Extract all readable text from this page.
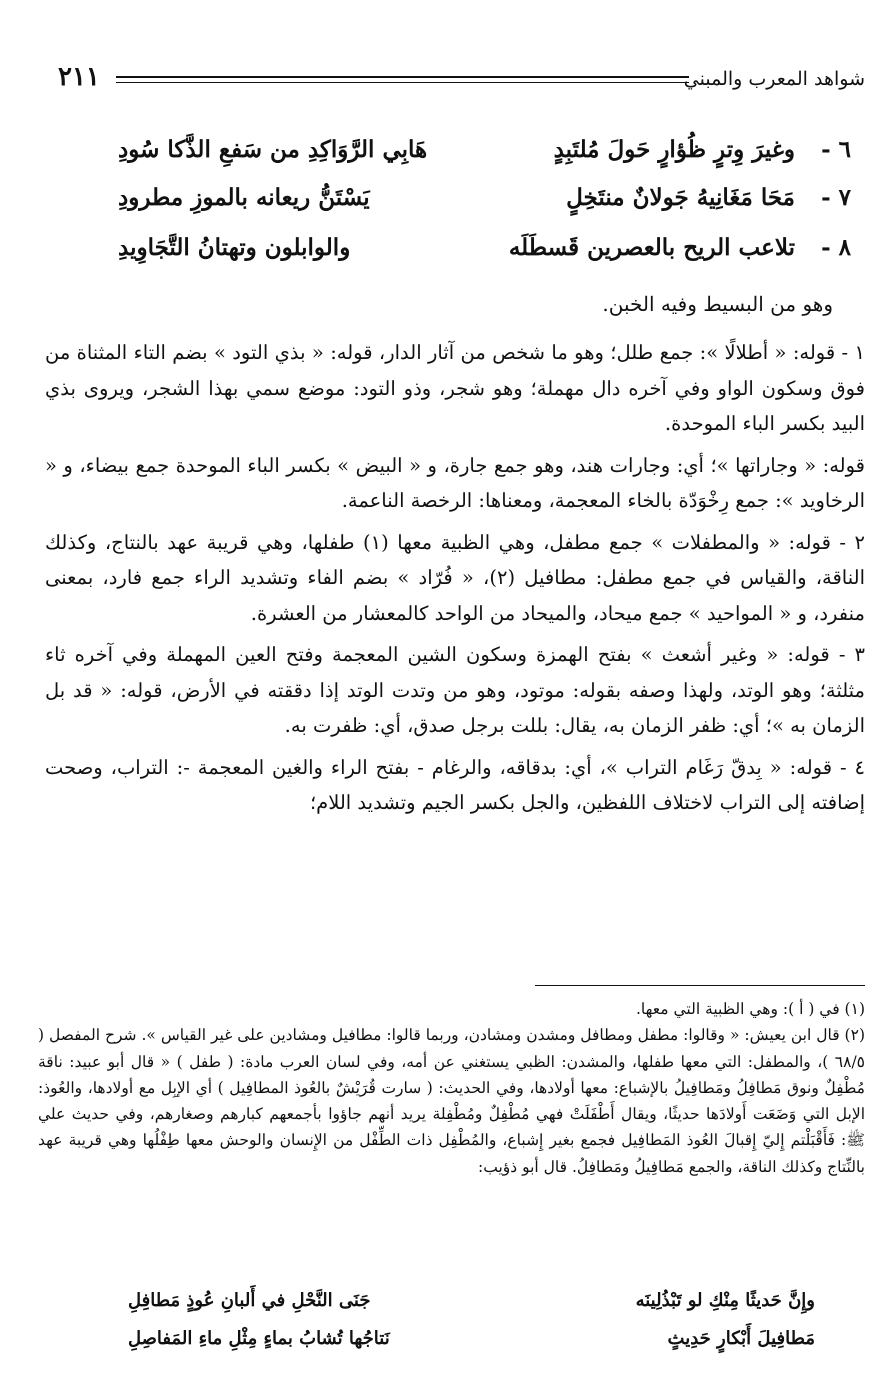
شواهد المعرب والمبني
٢١١
٦ -
وغيرَ وِترٍ ظُؤارٍ حَولَ مُلتَبِدٍ
هَابِي الرَّوَاكِدِ من سَفعِ الذَّكا سُودِ
٧ -
مَحَا مَغَانِيهُ جَولانٌ منتَخِلٍ
يَسْتَنُّ ريعانه بالموزِ مطرودِ
٨ -
تلاعب الريح بالعصرين قَسطَلَه
والوابلون وتهتانُ التَّجَاوِيدِ
وهو من البسيط وفيه الخبن.

١ - قوله: « أطلالًا »: جمع طلل؛ وهو ما شخص من آثار الدار، قوله: « بذي التود » بضم التاء المثناة من فوق وسكون الواو وفي آخره دال مهملة؛ وهو شجر، وذو التود: موضع سمي بهذا الشجر، ويروى بذي البيد بكسر الباء الموحدة.

قوله: « وجاراتها »؛ أي: وجارات هند، وهو جمع جارة، و « البيض » بكسر الباء الموحدة جمع بيضاء، و « الرخاويد »: جمع رِخْوَدّة بالخاء المعجمة، ومعناها: الرخصة الناعمة.

٢ - قوله: « والمطفلات » جمع مطفل، وهي الظبية معها (١) طفلها، وهي قريبة عهد بالنتاج، وكذلك الناقة، والقياس في جمع مطفل: مطافيل (٢)، « فُرّاد » بضم الفاء وتشديد الراء جمع فارد، بمعنى منفرد، و « المواحيد » جمع ميحاد، والميحاد من الواحد كالمعشار من العشرة.

٣ - قوله: « وغير أشعث » بفتح الهمزة وسكون الشين المعجمة وفتح العين المهملة وفي آخره ثاء مثلثة؛ وهو الوتد، ولهذا وصفه بقوله: موتود، وهو من وتدت الوتد إذا دققته في الأرض، قوله: « قد بل الزمان به »؛ أي: ظفر الزمان به، يقال: بللت برجل صدق، أي: ظفرت به.

٤ - قوله: « بِدقّ رَغَام التراب »، أي: بدقاقه، والرغام - بفتح الراء والغين المعجمة -: التراب، وصحت إضافته إلى التراب لاختلاف اللفظين، والجل بكسر الجيم وتشديد اللام؛

(١) في ( أ ): وهي الظبية التي معها.

(٢) قال ابن يعيش: « وقالوا: مطفل ومطافل ومشدن ومشادن، وربما قالوا: مطافيل ومشادين على غير القياس ». شرح المفصل ( ٦٨/٥ )، والمطفل: التي معها طفلها، والمشدن: الظبي يستغني عن أمه، وفي لسان العرب مادة: ( طفل ) « قال أبو عبيد: ناقة مُطْفِلٌ ونوق مَطافِلُ ومَطافِيلُ بالإشباع: معها أولادها، وفي الحديث: ( سارت قُرَيْشٌ بالعُوذ المطافِيل ) أي الإبِل مع أولادها، والعُوذ: الإبل التي وَضَعَت أَولادَها حديثًا، ويقال أَطْفَلَتْ فهي مُطْفِلٌ ومُطْفِلة يريد أنهم جاؤوا بأجمعهم كبارهم وصغارهم، وفي حديث علي ﷺ: فَأَقْبَلْتم إِليّ إِقبالَ العُوذ المَطافِيل فجمع بغير إِشباع، والمُطْفِل ذات الطِّفْل من الإِنسان والوحش معها طِفْلُها وهي قريبة عهد بالنِّتاج وكذلك الناقة، والجمع مَطافِيلُ ومَطافِلُ. قال أبو ذؤيب:

وإِنَّ حَديثًا مِنْكِ لو تَبْذُلِينَه
جَنَى النَّحْلِ في أَلبانِ عُوذٍ مَطافِلِ
مَطافِيلَ أَبْكارٍ حَدِيثٍ
نَتاجُها تُشابُ بماءٍ مِثْلِ ماءِ المَفاصِلِ
